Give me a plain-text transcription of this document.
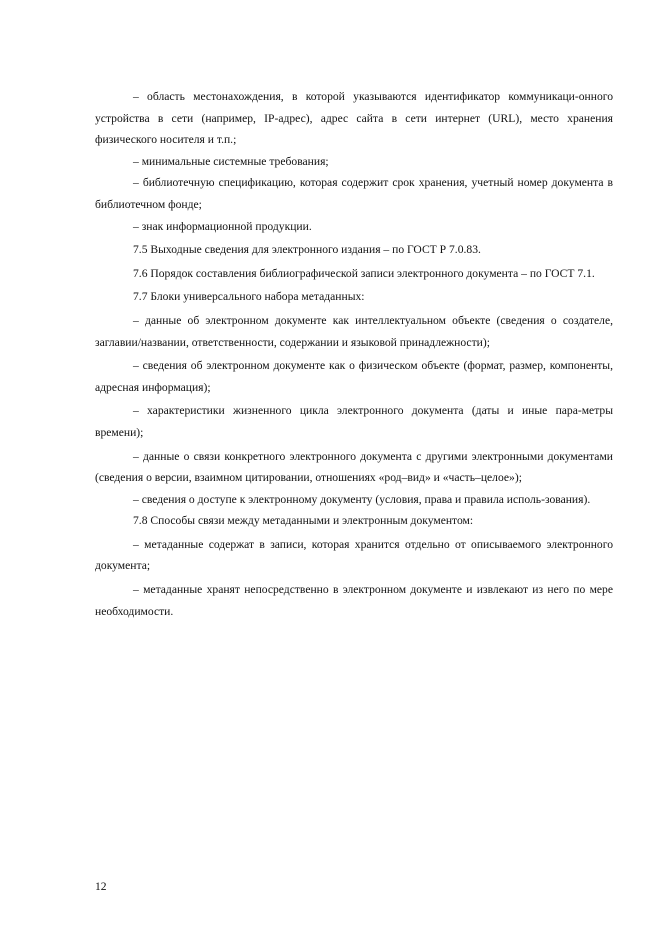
– область местонахождения, в которой указываются идентификатор коммуникаци-онного устройства в сети (например, IP-адрес), адрес сайта в сети интернет (URL), место хранения физического носителя и т.п.;

– минимальные системные требования;

– библиотечную спецификацию, которая содержит срок хранения, учетный номер документа в библиотечном фонде;

– знак информационной продукции.

7.5 Выходные сведения для электронного издания – по ГОСТ Р 7.0.83.

7.6 Порядок составления библиографической записи электронного документа – по ГОСТ 7.1.

7.7 Блоки универсального набора метаданных:

– данные об электронном документе как интеллектуальном объекте (сведения о создателе, заглавии/названии, ответственности, содержании и языковой принадлежности);

– сведения об электронном документе как о физическом объекте (формат, размер, компоненты, адресная информация);

– характеристики жизненного цикла электронного документа (даты и иные пара-метры времени);

– данные о связи конкретного электронного документа с другими электронными документами (сведения о версии, взаимном цитировании, отношениях «род–вид» и «часть–целое»);

– сведения о доступе к электронному документу (условия, права и правила исполь-зования).

7.8 Способы связи между метаданными и электронным документом:

– метаданные содержат в записи, которая хранится отдельно от описываемого электронного документа;

– метаданные хранят непосредственно в электронном документе и извлекают из него по мере необходимости.

12
